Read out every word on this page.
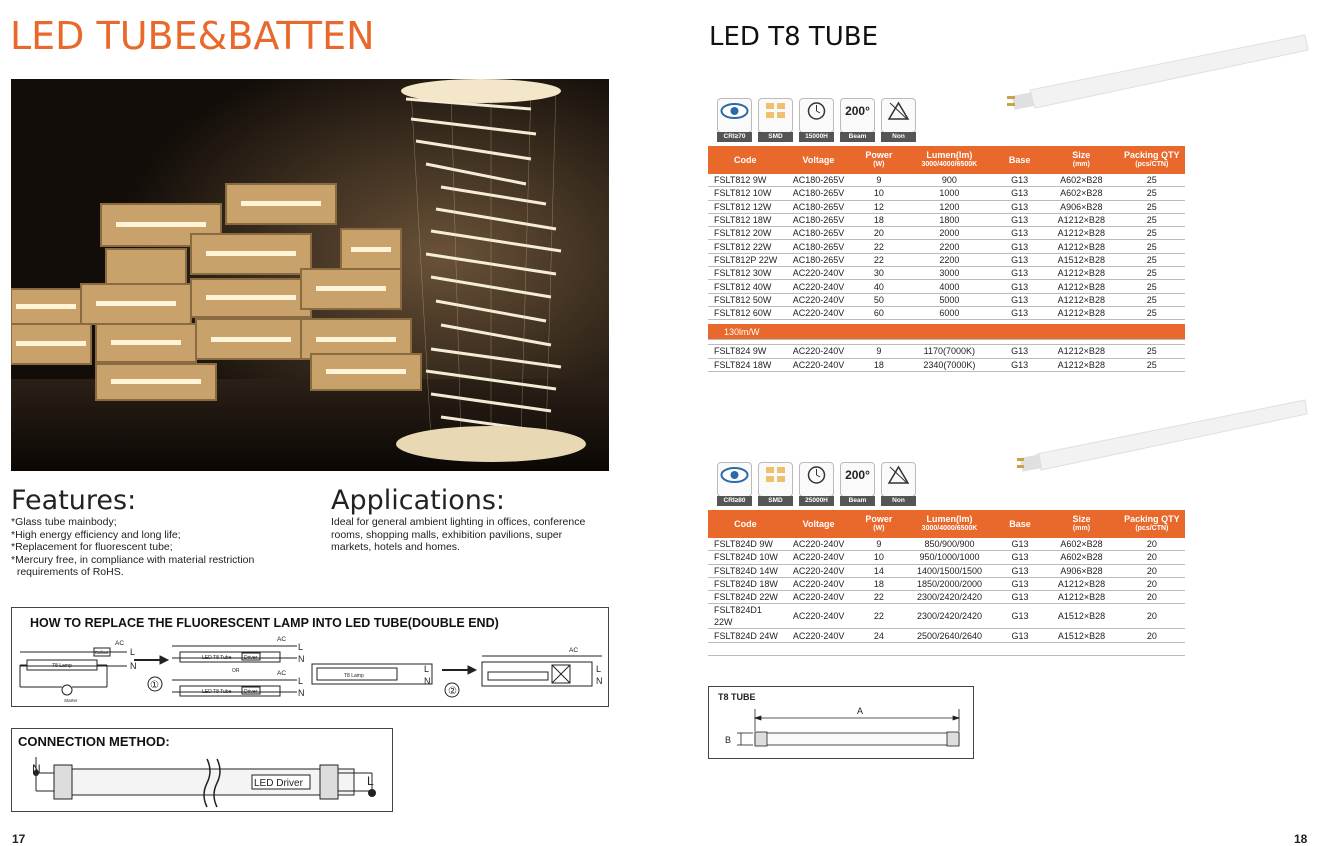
LED TUBE&BATTEN
Features:
*Glass tube mainbody;
*High energy efficiency and long life;
*Replacement for fluorescent tube;
*Mercury free, in compliance with material restriction
requirements of RoHS.
Applications:
Ideal for general ambient lighting in offices, conference
rooms, shopping malls, exhibition pavilions, super
markets, hotels and homes.
HOW TO REPLACE THE FLUORESCENT LAMP INTO LED TUBE(DOUBLE END)
AC
L
N
T8 Lamp
Ballast
Starter
①
AC
L
N
LED T8 Tube	Driver
OR	AC
L
N
LED T8 Tube	Driver
T8 Lamp
L
N
②
AC
L
N
CONNECTION METHOD:
N
L
LED Driver
17
LED T8 TUBE
CRI≥70	SMD	15000H
200°
Beam	Non
Code	Voltage	Power
(W)	Lumen(lm)
3000/4000/6500K	Base	Size
(mm)	Packing QTY
(pcs/CTN)

FSLT812 9W	AC180-265V	9	900	G13	A602×B28	25
FSLT812 10W	AC180-265V	10	1000	G13	A602×B28	25
FSLT812 12W	AC180-265V	12	1200	G13	A906×B28	25
FSLT812 18W	AC180-265V	18	1800	G13	A1212×B28	25
FSLT812 20W	AC180-265V	20	2000	G13	A1212×B28	25
FSLT812 22W	AC180-265V	22	2200	G13	A1212×B28	25
FSLT812P 22W	AC180-265V	22	2200	G13	A1512×B28	25
FSLT812 30W	AC220-240V	30	3000	G13	A1212×B28	25
FSLT812 40W	AC220-240V	40	4000	G13	A1212×B28	25
FSLT812 50W	AC220-240V	50	5000	G13	A1212×B28	25
FSLT812 60W	AC220-240V	60	6000	G13	A1212×B28	25

130lm/W						

FSLT824 9W	AC220-240V	9	1170(7000K)	G13	A1212×B28	25
FSLT824 18W	AC220-240V	18	2340(7000K)	G13	A1212×B28	25
CRI≥80	SMD	25000H
200°
Beam	Non
Code	Voltage	Power
(W)	Lumen(lm)
3000/4000/6500K	Base	Size
(mm)	Packing QTY
(pcs/CTN)

FSLT824D 9W	AC220-240V	9	850/900/900	G13	A602×B28	20
FSLT824D 10W	AC220-240V	10	950/1000/1000	G13	A602×B28	20
FSLT824D 14W	AC220-240V	14	1400/1500/1500	G13	A906×B28	20
FSLT824D 18W	AC220-240V	18	1850/2000/2000	G13	A1212×B28	20
FSLT824D 22W	AC220-240V	22	2300/2420/2420	G13	A1212×B28	20
FSLT824D1 22W	AC220-240V	22	2300/2420/2420	G13	A1512×B28	20
FSLT824D 24W	AC220-240V	24	2500/2640/2640	G13	A1512×B28	20

T8 TUBE
A
B
18
